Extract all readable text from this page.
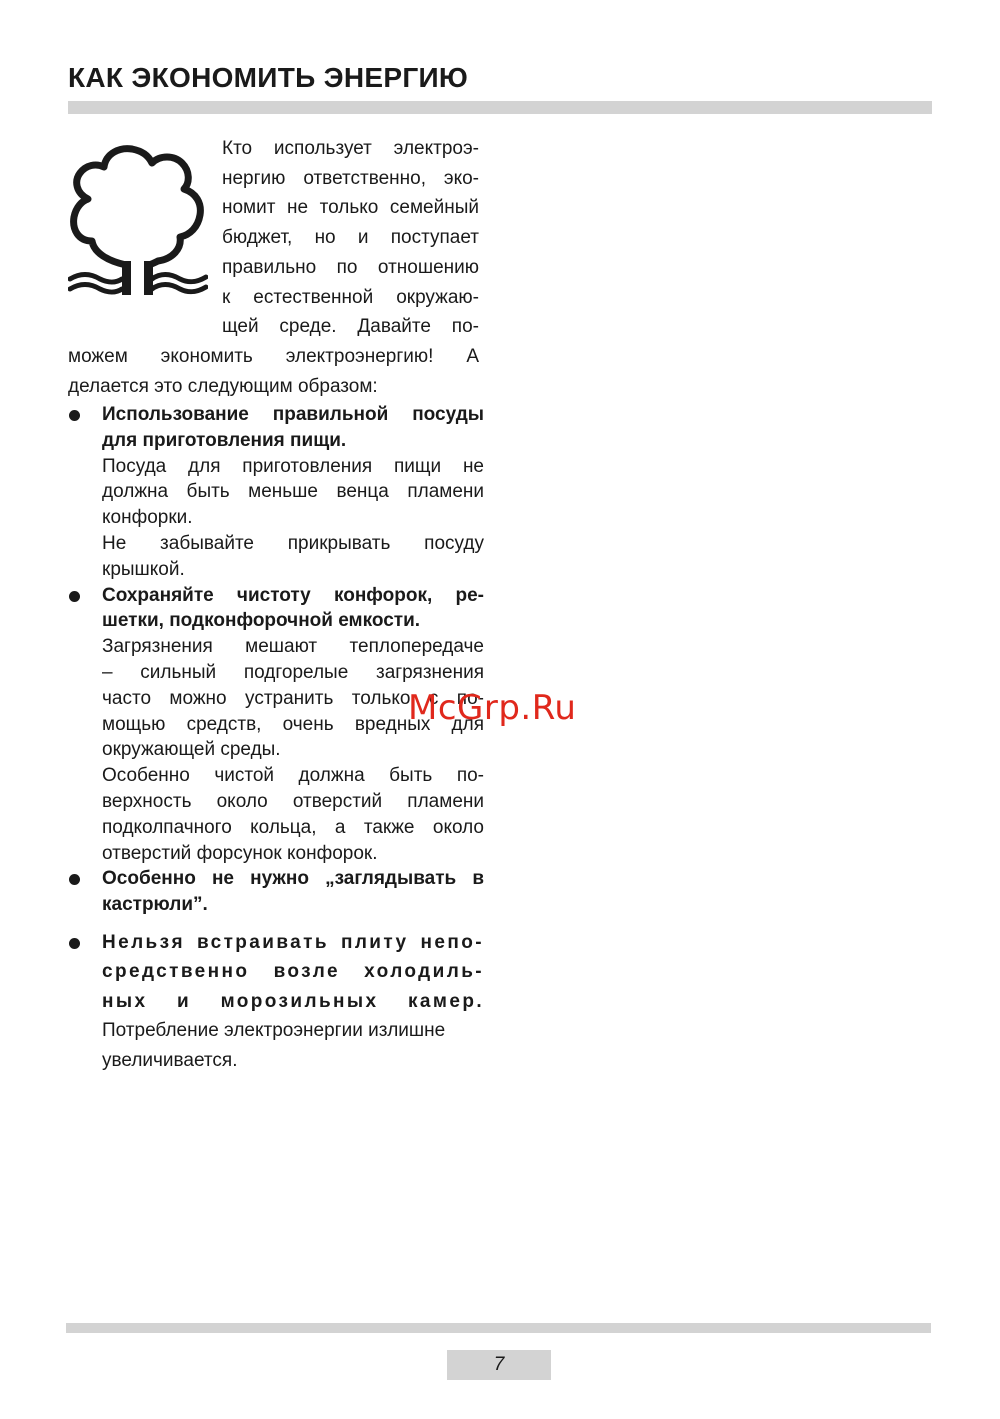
КАК ЭКОНОМИТЬ ЭНЕРГИЮ
Кто использует электроэ-
нергию ответственно, эко-
номит не только семейный
бюджет, но и поступает
правильно по отношению
к естественной окружаю-
щей среде. Давайте по-
можем экономить электроэнергию! А
делается это следующим образом:
Использование правильной посуды
для приготовления пищи.
Посуда для приготовления пищи не
должна быть меньше венца пламени
конфорки.
Не забывайте прикрывать посуду
крышкой.
Сохраняйте чистоту конфорок, ре-
шетки, подконфорочной емкости.
Загрязнения мешают теплопередаче
– сильный подгорелые загрязнения
часто можно устранить только с по-
мощью средств, очень вредных для
окружающей среды.
Особенно чистой должна быть по-
верхность около отверстий пламени
подколпачного кольца, а также около
отверстий форсунок конфорок.
Особенно не нужно „заглядывать в
кастрюли”.
Нельзя встраивать плиту непо-
средственно возле холодиль-
ных и морозильных камер.
Потребление электроэнергии излишне
увеличивается.
McGrp.Ru
7
